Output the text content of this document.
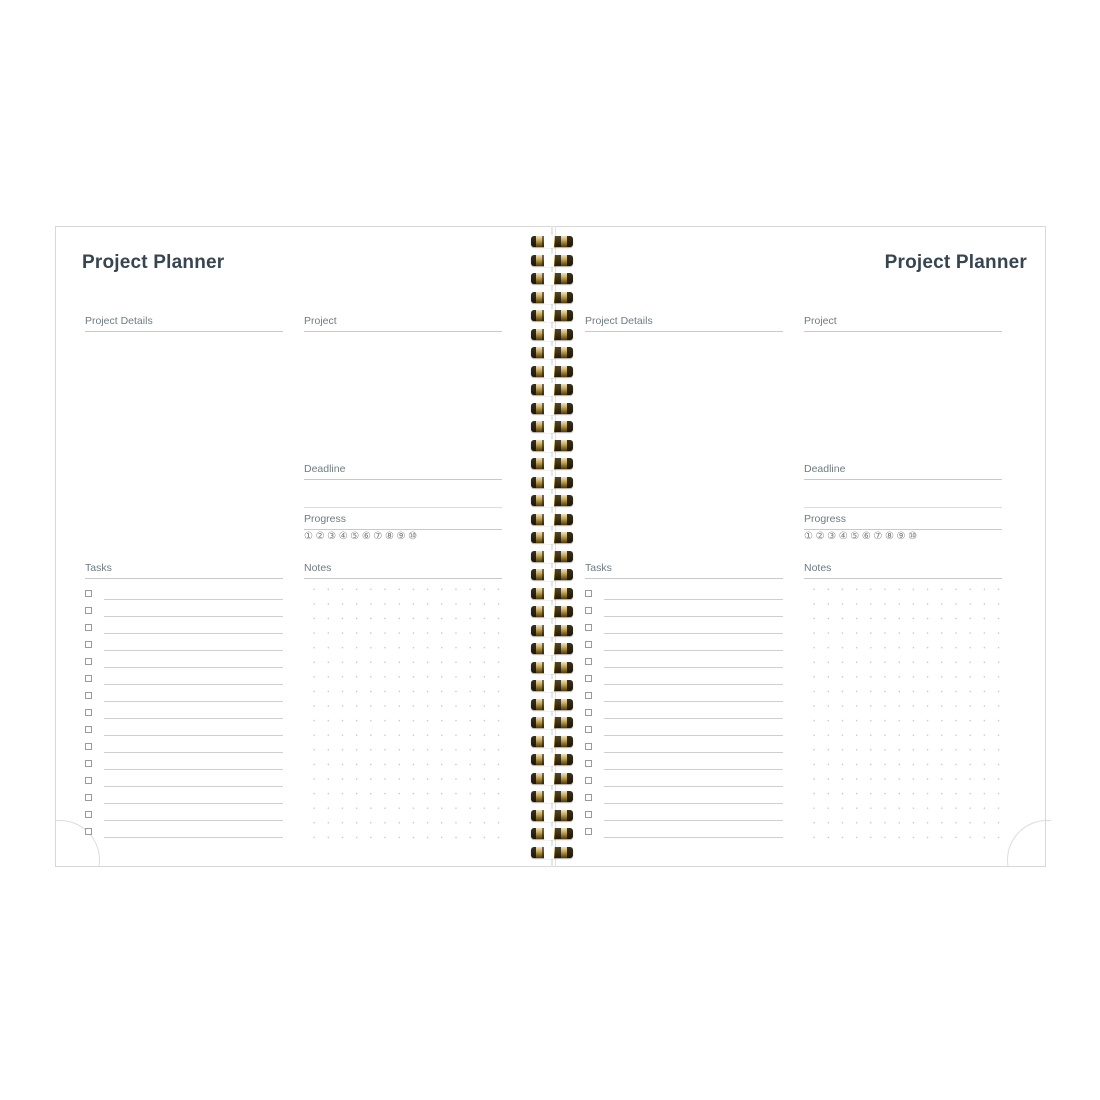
Project Planner
Project Details	Project
Deadline
Progress
① ② ③ ④ ⑤ ⑥ ⑦ ⑧ ⑨ ⑩
Tasks	Notes
Project Planner
Project Details	Project
Deadline
Progress
① ② ③ ④ ⑤ ⑥ ⑦ ⑧ ⑨ ⑩
Tasks	Notes
